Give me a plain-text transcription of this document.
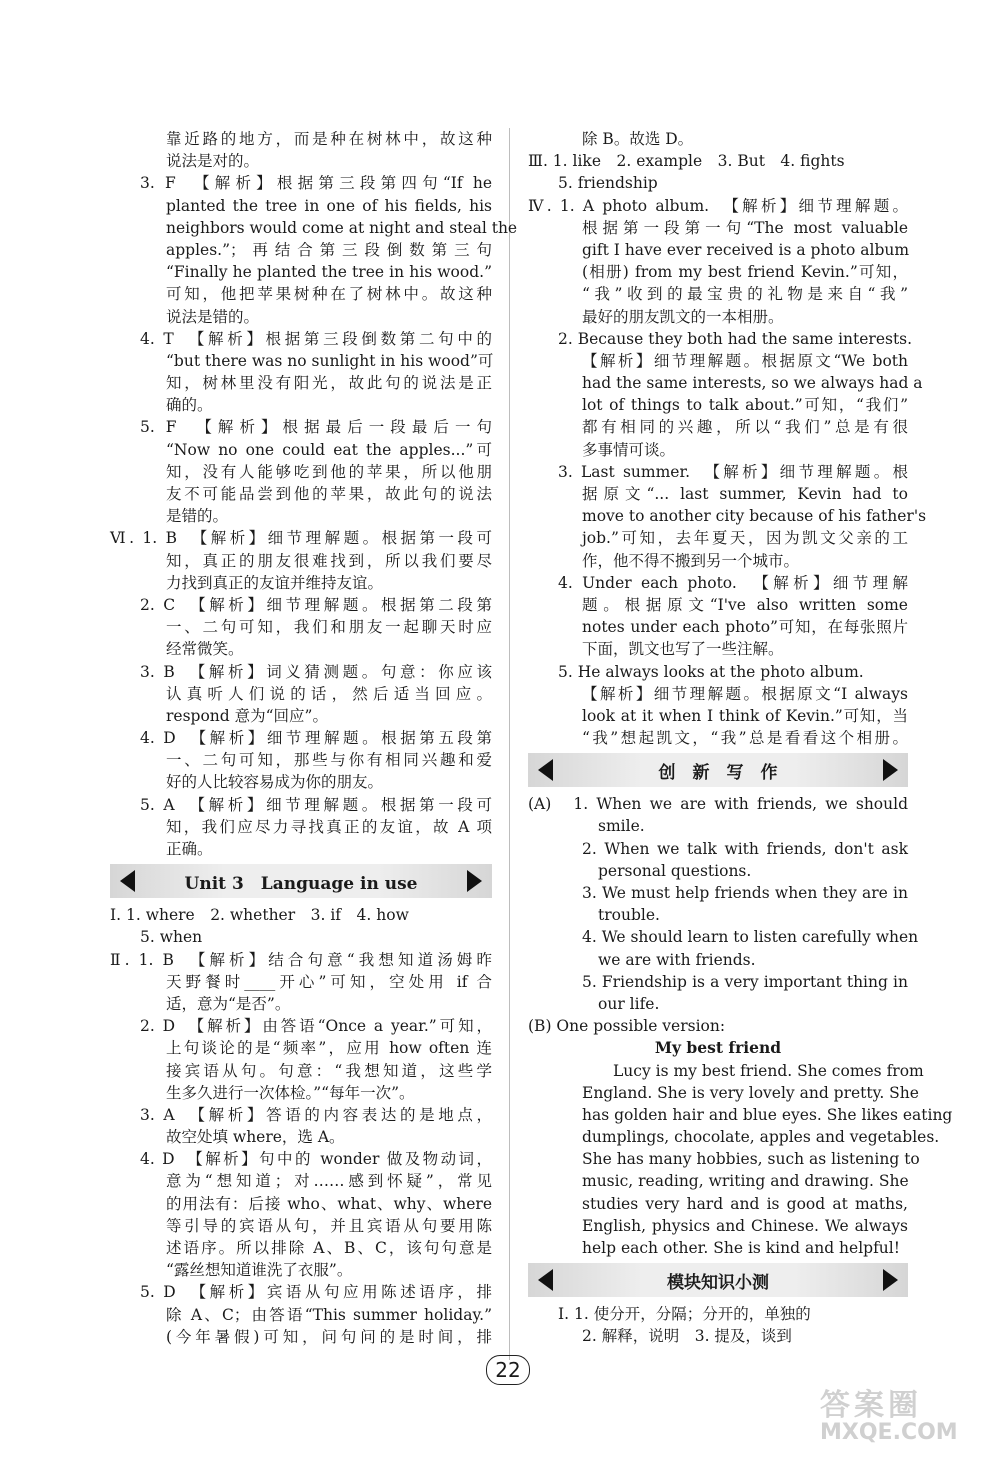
靠近路的地方，而是种在树林中，故这种
说法是对的。
3. F　【解析】根据第三段第四句“If he
planted the tree in one of his fields, his
neighbors would come at night and steal the
apples.”；再结合第三段倒数第三句
“Finally he planted the tree in his wood.”
可知，他把苹果树种在了树林中。故这种
说法是错的。
4. T　【解析】根据第三段倒数第二句中的
“but there was no sunlight in his wood”可
知，树林里没有阳光，故此句的说法是正
确的。
5. F　【解析】根据最后一段最后一句
“Now no one could eat the apples...”可
知，没有人能够吃到他的苹果，所以他朋
友不可能品尝到他的苹果，故此句的说法
是错的。
Ⅵ. 1. B　【解析】细节理解题。根据第一段可
知，真正的朋友很难找到，所以我们要尽
力找到真正的友谊并维持友谊。
2. C　【解析】细节理解题。根据第二段第
一、二句可知，我们和朋友一起聊天时应
经常微笑。
3. B　【解析】词义猜测题。句意：你应该
认真听人们说的话，然后适当回应。
respond 意为“回应”。
4. D　【解析】细节理解题。根据第五段第
一、二句可知，那些与你有相同兴趣和爱
好的人比较容易成为你的朋友。
5. A　【解析】细节理解题。根据第一段可
知，我们应尽力寻找真正的友谊，故 A 项
正确。
Unit 3　Language in use
Ⅰ. 1. where　2. whether　3. if　4. how
5. when
Ⅱ. 1. B　【解析】结合句意“我想知道汤姆昨
天野餐时____开心”可知，空处用 if 合
适，意为“是否”。
2. D　【解析】由答语“Once a year.”可知，
上句谈论的是“频率”，应用 how often 连
接宾语从句。句意：“我想知道，这些学
生多久进行一次体检。”“每年一次”。
3. A　【解析】答语的内容表达的是地点，
故空处填 where，选 A。
4. D　【解析】句中的 wonder 做及物动词，
意为“想知道；对……感到怀疑”，常见
的用法有：后接 who、what、why、where
等引导的宾语从句，并且宾语从句要用陈
述语序。所以排除 A、B、C，该句句意是
“露丝想知道谁洗了衣服”。
5. D　【解析】宾语从句应用陈述语序，排
除 A、C；由答语“This summer holiday.”
(今年暑假)可知，问句问的是时间，排
除 B。故选 D。
Ⅲ. 1. like　2. example　3. But　4. fights
5. friendship
Ⅳ. 1. A photo album.　【解析】细节理解题。
根据第一段第一句“The most valuable
gift I have ever received is a photo album
(相册) from my best friend Kevin.”可知，
“我”收到的最宝贵的礼物是来自“我”
最好的朋友凯文的一本相册。
2. Because they both had the same interests.
【解析】细节理解题。根据原文“We both
had the same interests, so we always had a
lot of things to talk about.”可知，“我们”
都有相同的兴趣，所以“我们”总是有很
多事情可谈。
3. Last summer.　【解析】细节理解题。根
据原文“... last summer, Kevin had to
move to another city because of his father's
job.”可知，去年夏天，因为凯文父亲的工
作，他不得不搬到另一个城市。
4. Under each photo.　【解析】细节理解
题。根据原文“I've also written some
notes under each photo”可知，在每张照片
下面，凯文也写了一些注解。
5. He always looks at the photo album.
【解析】细节理解题。根据原文“I always
look at it when I think of Kevin.”可知，当
“我”想起凯文，“我”总是看看这个相册。
创　新　写　作
(A)　1. When we are with friends, we should
smile.
2. When we talk with friends, don't ask
personal questions.
3. We must help friends when they are in
trouble.
4. We should learn to listen carefully when
we are with friends.
5. Friendship is a very important thing in
our life.
(B) One possible version:
My best friend
　　Lucy is my best friend. She comes from
England. She is very lovely and pretty. She
has golden hair and blue eyes. She likes eating
dumplings, chocolate, apples and vegetables.
She has many hobbies, such as listening to
music, reading, writing and drawing. She
studies very hard and is good at maths,
English, physics and Chinese. We always
help each other. She is kind and helpful!
模块知识小测
Ⅰ. 1. 使分开，分隔；分开的，单独的
2. 解释，说明　3. 提及，谈到
22
答案圈
MXQE.COM
